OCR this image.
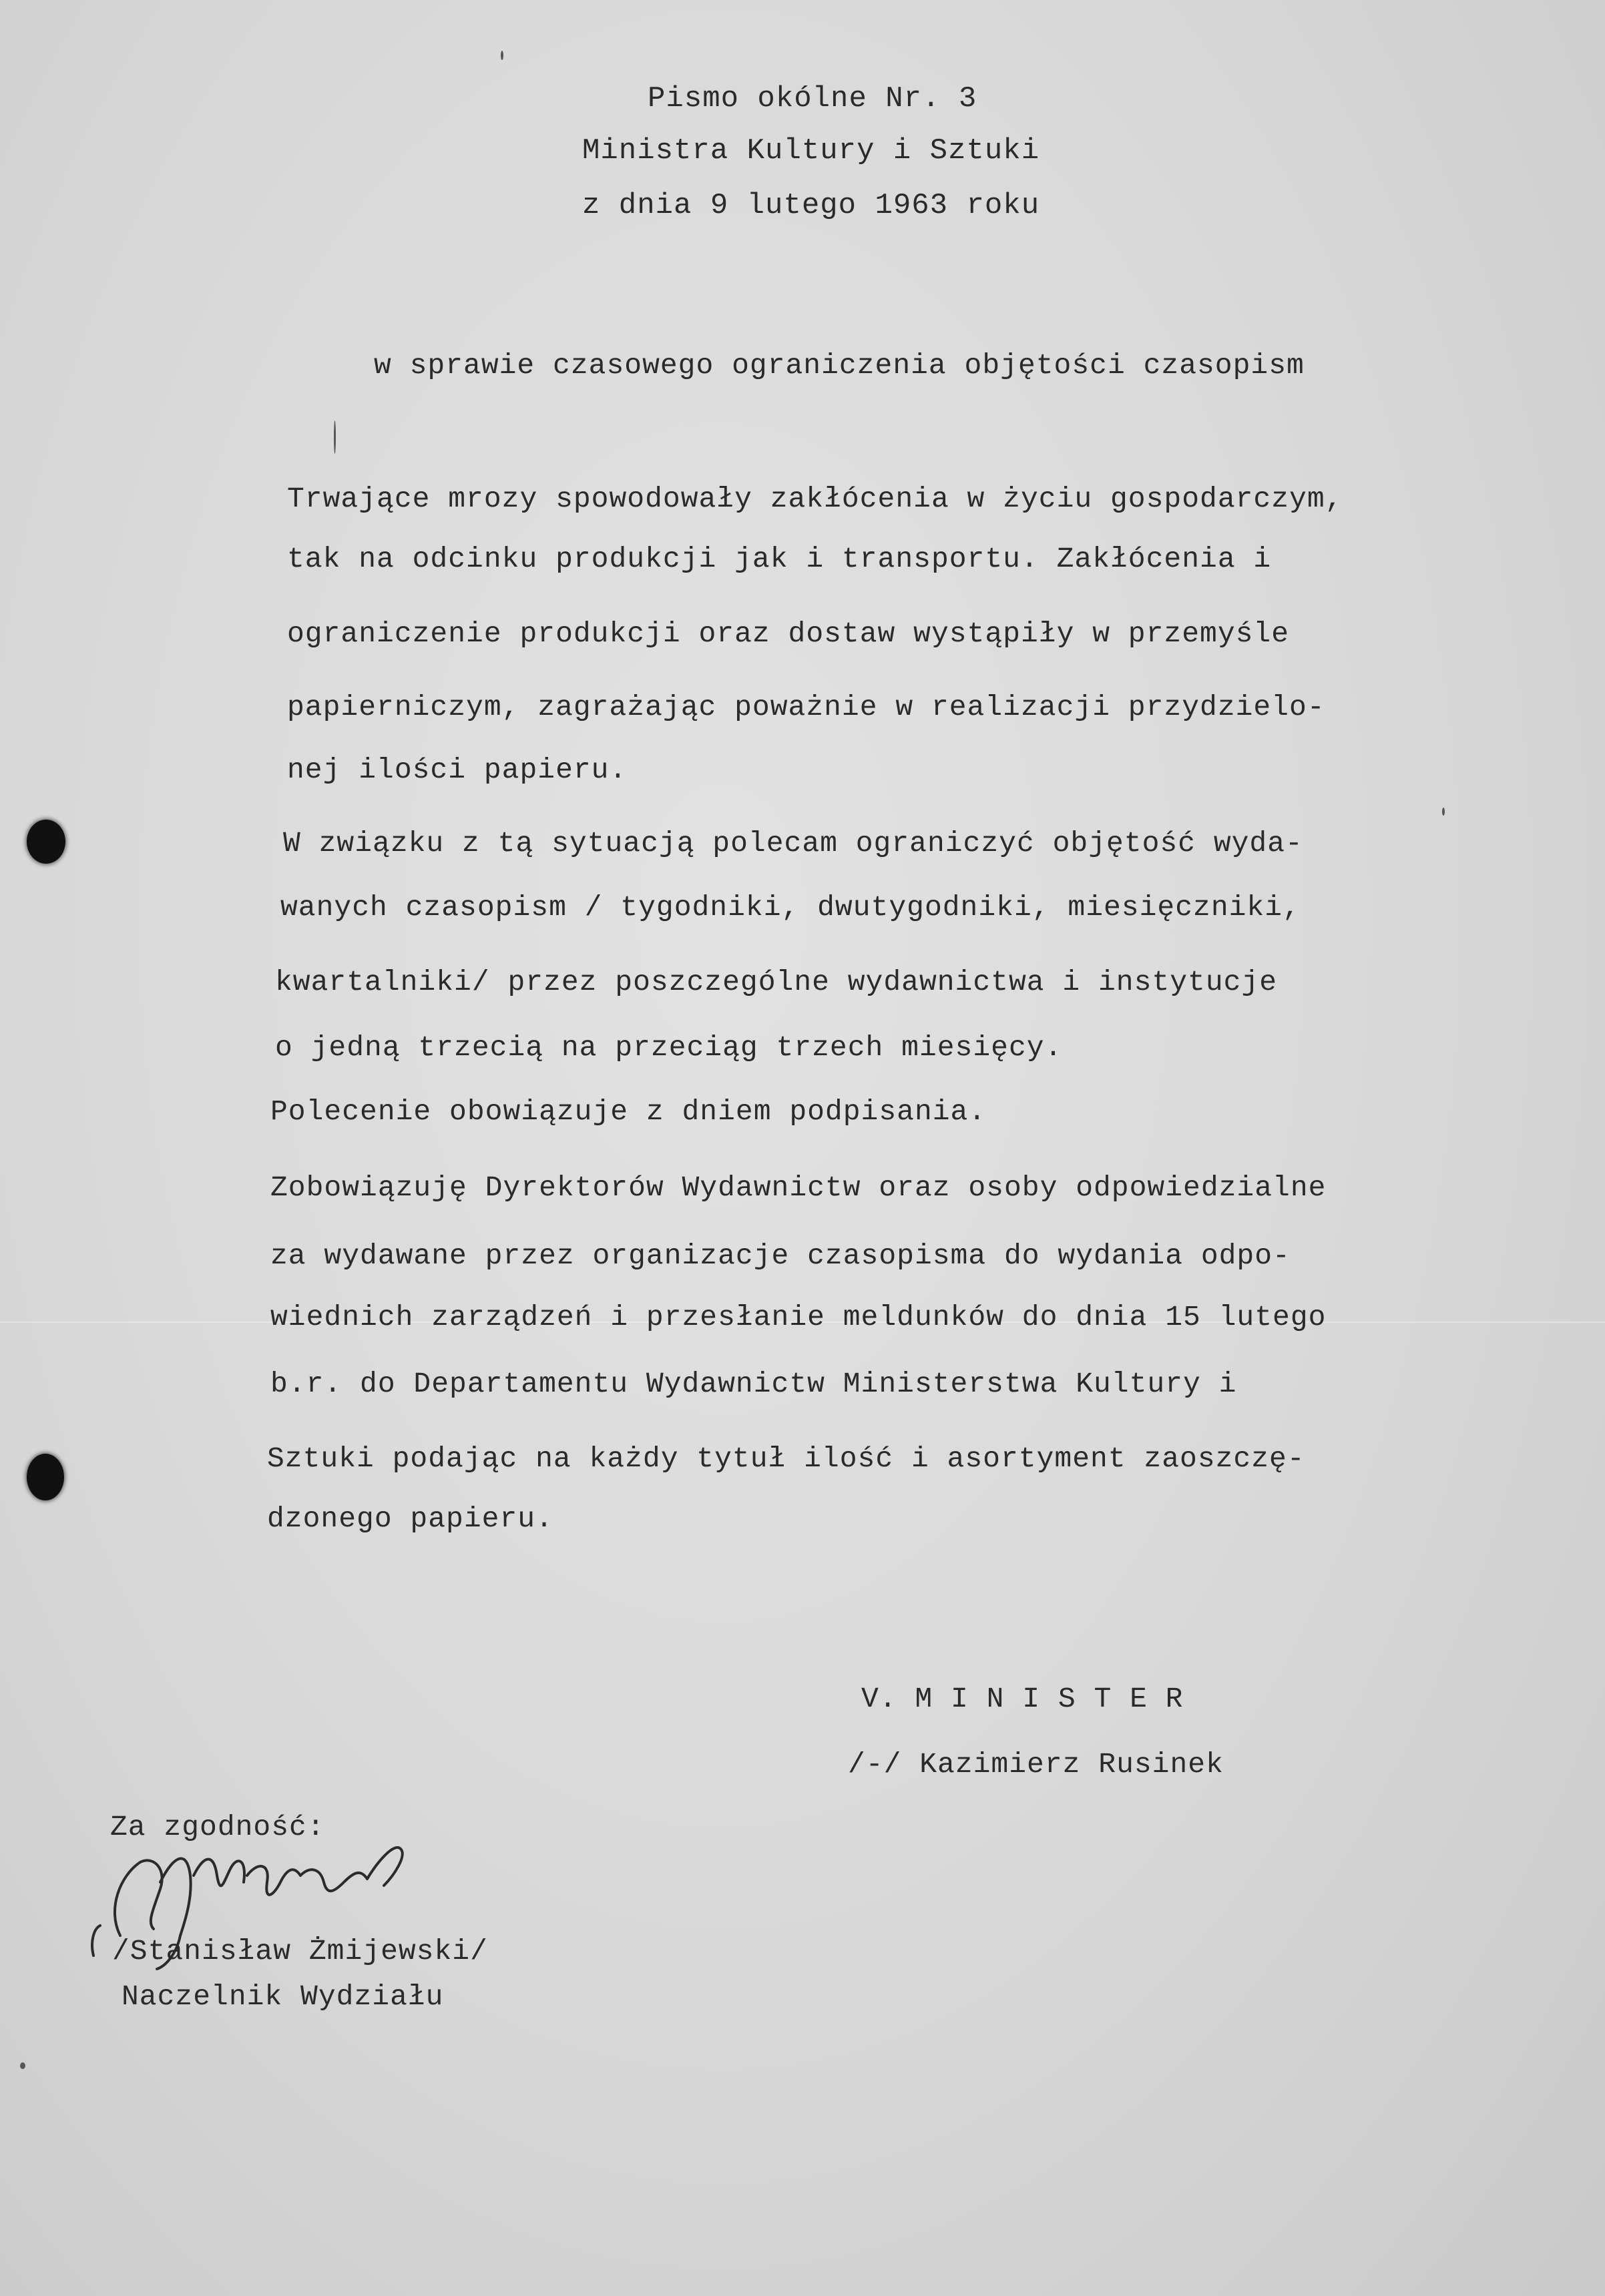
Pismo okólne Nr. 3
Ministra Kultury i Sztuki
z dnia 9 lutego 1963 roku
w sprawie czasowego ograniczenia objętości czasopism
Trwające mrozy spowodowały zakłócenia w życiu gospodarczym,
tak na odcinku produkcji jak i transportu. Zakłócenia i
ograniczenie produkcji oraz dostaw wystąpiły w przemyśle
papierniczym, zagrażając poważnie w realizacji przydzielo-
nej ilości papieru.
W związku z tą sytuacją polecam ograniczyć objętość wyda-
wanych czasopism / tygodniki, dwutygodniki, miesięczniki,
kwartalniki/ przez poszczególne wydawnictwa i instytucje
o jedną trzecią na przeciąg trzech miesięcy.
Polecenie obowiązuje z dniem podpisania.
Zobowiązuję Dyrektorów Wydawnictw oraz osoby odpowiedzialne
za wydawane przez organizacje czasopisma do wydania odpo-
wiednich zarządzeń i przesłanie meldunków do dnia 15 lutego
b.r. do Departamentu Wydawnictw Ministerstwa Kultury i
Sztuki podając na każdy tytuł ilość i asortyment zaoszczę-
dzonego papieru.
V. M I N I S T E R
/-/ Kazimierz Rusinek
Za zgodność:
/Stanisław Żmijewski/
Naczelnik Wydziału
